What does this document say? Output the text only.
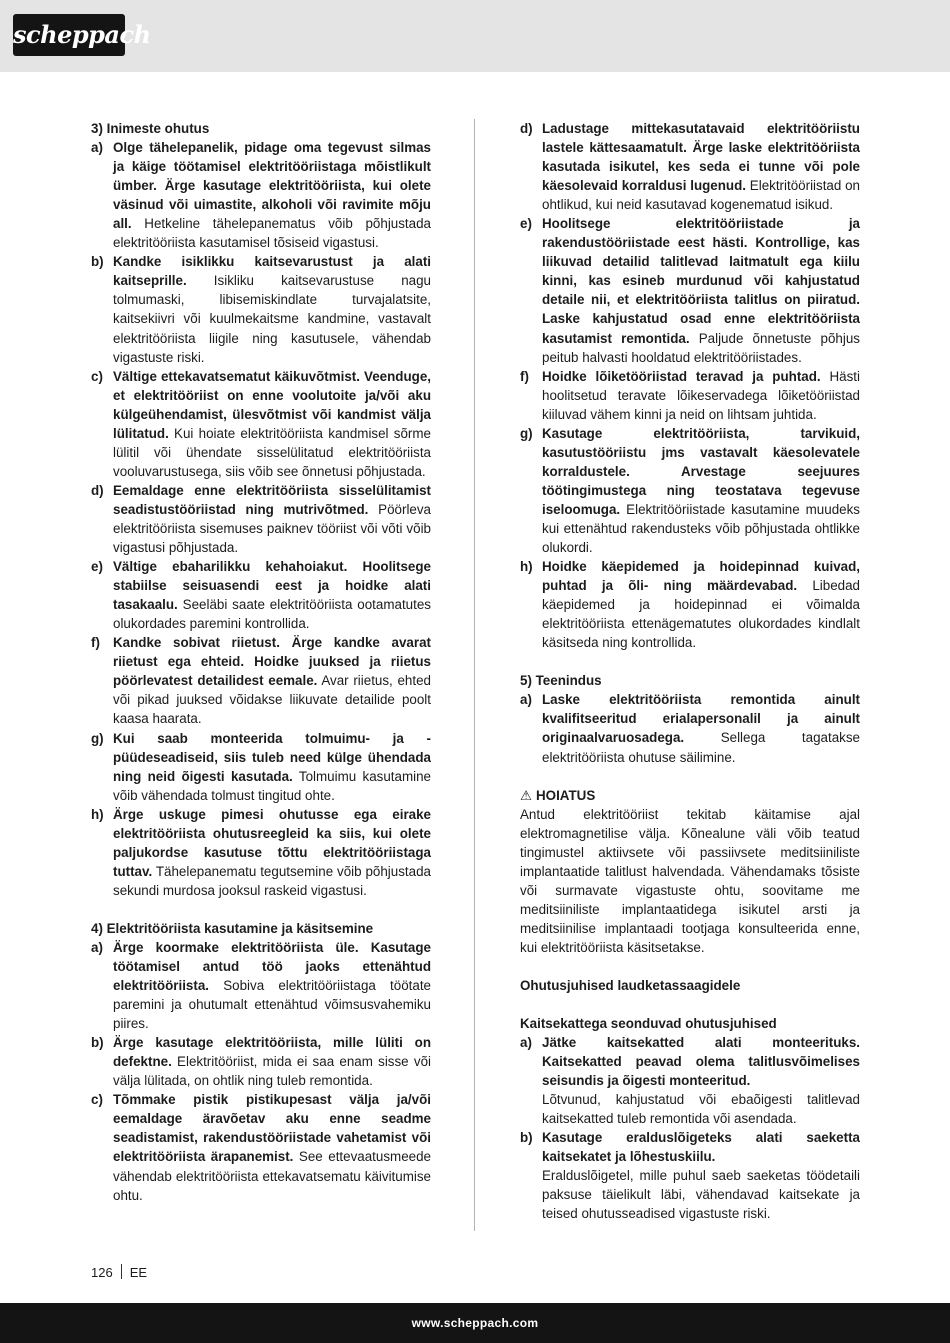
scheppach
3) Inimeste ohutus
a) Olge tähelepanelik, pidage oma tegevust silmas ja käige töötamisel elektritööriistaga mõistlikult ümber. Ärge kasutage elektritööriista, kui olete väsinud või uimastite, alkoholi või ravimite mõju all. Hetkeline tähelepanematus võib põhjustada elektritööriista kasutamisel tõsiseid vigastusi.
b) Kandke isiklikku kaitsevarustust ja alati kaitseprille. Isikliku kaitsevarustuse nagu tolmumaski, libisemiskindlate turvajalatsite, kaitsekiivri või kuulmekaitsme kandmine, vastavalt elektritööriista liigile ning kasutusele, vähendab vigastuste riski.
c) Vältige ettekavatsematut käikuvõtmist. Veenduge, et elektritööriist on enne voolutoite ja/või aku külgeühendamist, ülesvõtmist või kandmist välja lülitatud. Kui hoiate elektritööriista kandmisel sõrme lülitil või ühendate sisselülitatud elektritööriista vooluvarustusega, siis võib see õnnetusi põhjustada.
d) Eemaldage enne elektritööriista sisselülitamist seadistustööriistad ning mutrivõtmed. Pöörleva elektritööriista sisemuses paiknev tööriist või võti võib vigastusi põhjustada.
e) Vältige ebaharilikku kehahoiakut. Hoolitsege stabiilse seisuasendi eest ja hoidke alati tasakaalu. Seeläbi saate elektritööriista ootamatutes olukordades paremini kontrollida.
f) Kandke sobivat riietust. Ärge kandke avarat riietust ega ehteid. Hoidke juuksed ja riietus pöörlevatest detailidest eemale. Avar riietus, ehted või pikad juuksed võidakse liikuvate detailide poolt kaasa haarata.
g) Kui saab monteerida tolmuimu- ja -püüdeseadiseid, siis tuleb need külge ühendada ning neid õigesti kasutada. Tolmuimu kasutamine võib vähendada tolmust tingitud ohte.
h) Ärge uskuge pimesi ohutusse ega eirake elektritööriista ohutusreegleid ka siis, kui olete paljukordse kasutuse tõttu elektritööriistaga tuttav. Tähelepanematu tegutsemine võib põhjustada sekundi murdosa jooksul raskeid vigastusi.
4) Elektritööriista kasutamine ja käsitsemine
a) Ärge koormake elektritööriista üle. Kasutage töötamisel antud töö jaoks ettenähtud elektritööriista. Sobiva elektritööriistaga töötate paremini ja ohutumalt ettenähtud võimsusvahemiku piires.
b) Ärge kasutage elektritööriista, mille lüliti on defektne. Elektritööriist, mida ei saa enam sisse või välja lülitada, on ohtlik ning tuleb remontida.
c) Tõmmake pistik pistikupesast välja ja/või eemaldage äravõetav aku enne seadme seadistamist, rakendustööriistade vahetamist või elektritööriista ärapanemist. See ettevaatusmeede vähendab elektritööriista ettekavatsematu käivitumise ohtu.
d) Ladustage mittekasutatavaid elektritööriistu lastele kättesaamatult. Ärge laske elektritööriista kasutada isikutel, kes seda ei tunne või pole käesolevaid korraldusi lugenud. Elektritööriistad on ohtlikud, kui neid kasutavad kogenematud isikud.
e) Hoolitsege elektritööriistade ja rakendustööriistade eest hästi. Kontrollige, kas liikuvad detailid talitlevad laitmatult ega kiilu kinni, kas esineb murdunud või kahjustatud detaile nii, et elektritööriista talitlus on piiratud. Laske kahjustatud osad enne elektritööriista kasutamist remontida. Paljude õnnetuste põhjus peitub halvasti hooldatud elektritööriistades.
f) Hoidke lõiketööriistad teravad ja puhtad. Hästi hoolitsetud teravate lõikeservadega lõiketööriistad kiiluvad vähem kinni ja neid on lihtsam juhtida.
g) Kasutage elektritööriista, tarvikuid, kasutustööriistu jms vastavalt käesolevatele korraldustele. Arvestage seejuures töötingimustega ning teostatava tegevuse iseloomuga. Elektritööriistade kasutamine muudeks kui ettenähtud rakendusteks võib põhjustada ohtlikke olukordi.
h) Hoidke käepidemed ja hoidepinnad kuivad, puhtad ja õli- ning määrdevabad. Libedad käepidemed ja hoidepinnad ei võimalda elektritööriista ettenägematutes olukordades kindlalt käsitseda ning kontrollida.
5) Teenindus
a) Laske elektritööriista remontida ainult kvalifitseeritud erialapersonalil ja ainult originaalvaruosadega. Sellega tagatakse elektritööriista ohutuse säilimine.
⚠ HOIATUS
Antud elektritööriist tekitab käitamise ajal elektromagnetilise välja. Kõnealune väli võib teatud tingimustel aktiivsete või passiivsete meditsiiniliste implantaatide talitlust halvendada. Vähendamaks tõsiste või surmavate vigastuste ohtu, soovitame me meditsiiniliste implantaatidega isikutel arsti ja meditsiinilise implantaadi tootjaga konsulteerida enne, kui elektritööriista käsitsetakse.
Ohutusjuhised laudketassaagidele
Kaitsekattega seonduvad ohutusjuhised
a) Jätke kaitsekatted alati monteerituks. Kaitsekatted peavad olema talitlusvõimelises seisundis ja õigesti monteeritud.
Lõtvunud, kahjustatud või ebaõigesti talitlevad kaitsekatted tuleb remontida või asendada.
b) Kasutage eralduslõigeteks alati saeketta kaitsekatet ja lõhestuskiilu.
Eralduslõigetel, mille puhul saeb saeketas töödetaili paksuse täielikult läbi, vähendavad kaitsekate ja teised ohutusseadised vigastuste riski.
126 EE
www.scheppach.com
